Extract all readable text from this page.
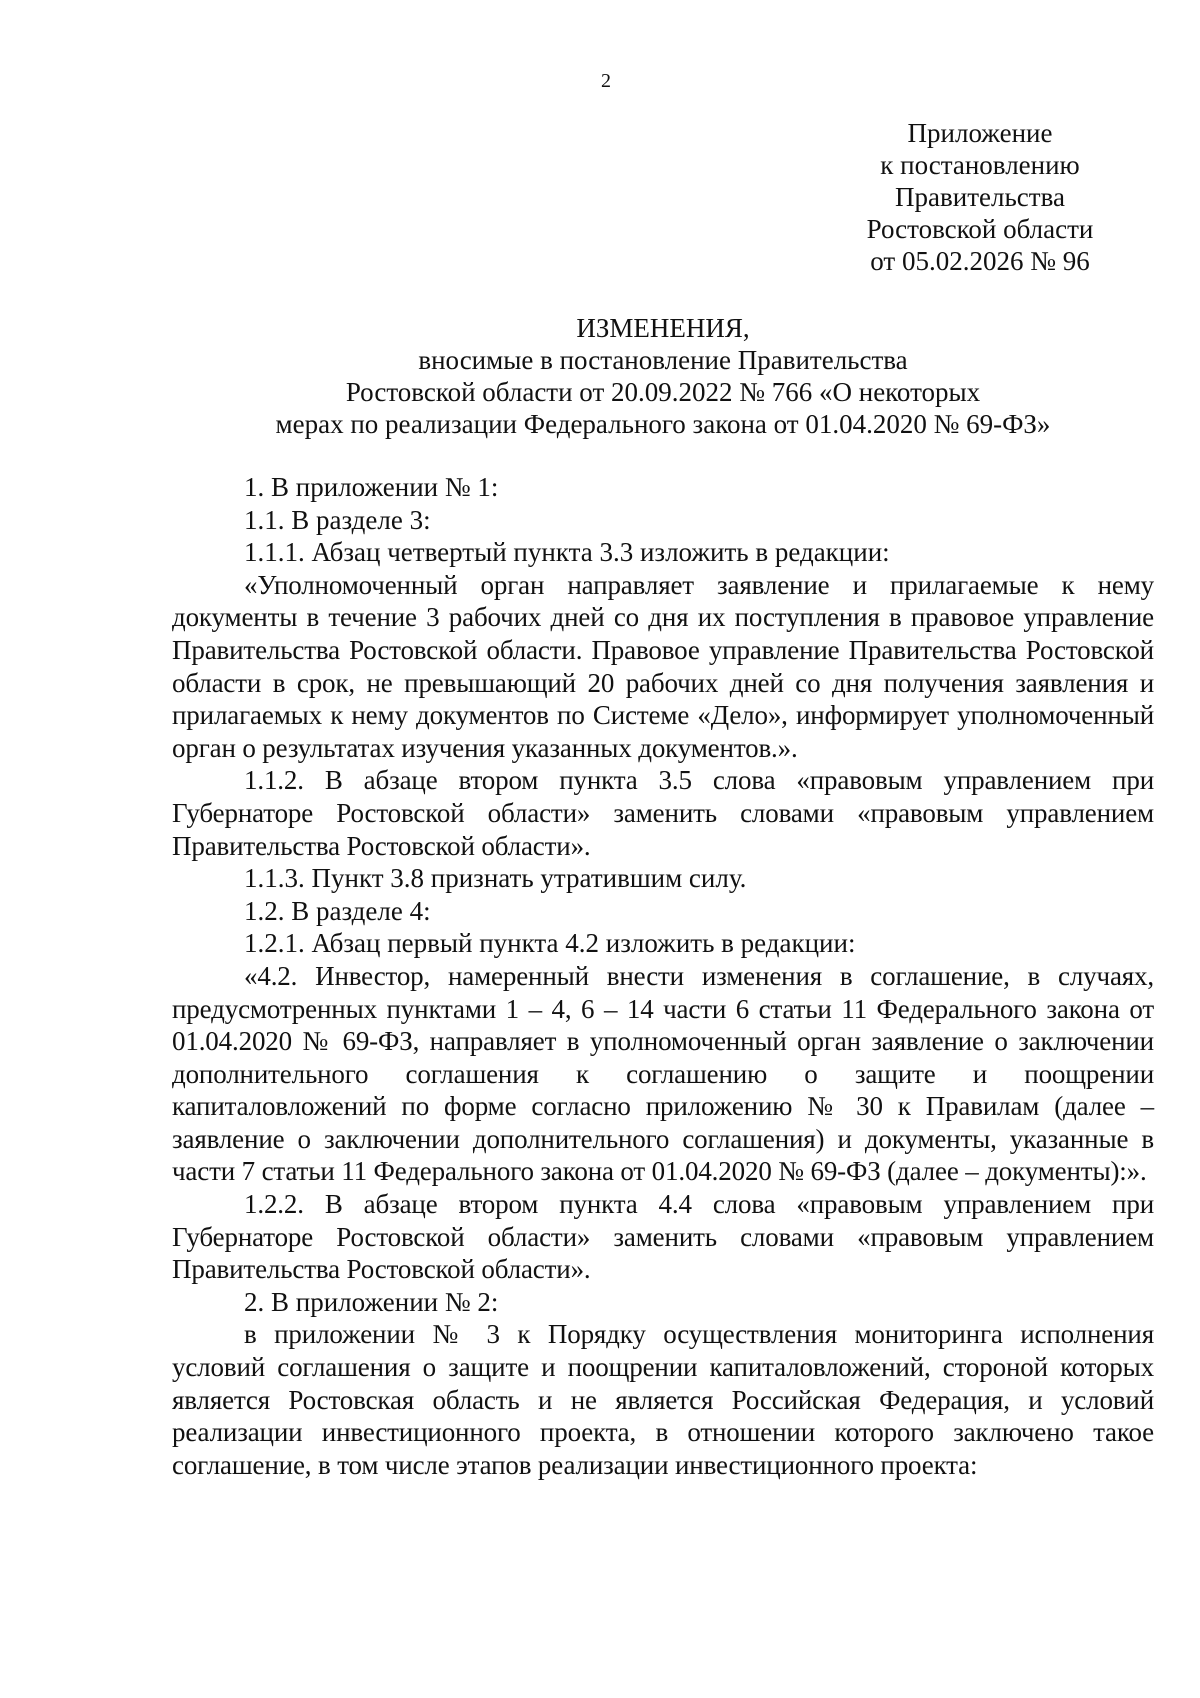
2
Приложение
к постановлению
Правительства
Ростовской области
от 05.02.2026 № 96
ИЗМЕНЕНИЯ,
вносимые в постановление Правительства
Ростовской области от 20.09.2022 № 766 «О некоторых
мерах по реализации Федерального закона от 01.04.2020 № 69-ФЗ»

1. В приложении № 1:

1.1. В разделе 3:

1.1.1. Абзац четвертый пункта 3.3 изложить в редакции:

«Уполномоченный орган направляет заявление и прилагаемые к нему документы в течение 3 рабочих дней со дня их поступления в правовое управление Правительства Ростовской области. Правовое управление Правительства Ростовской области в срок, не превышающий 20 рабочих дней со дня получения заявления и прилагаемых к нему документов по Системе «Дело», информирует уполномоченный орган о результатах изучения указанных документов.».

1.1.2. В абзаце втором пункта 3.5 слова «правовым управлением при Губернаторе Ростовской области» заменить словами «правовым управлением Правительства Ростовской области».

1.1.3. Пункт 3.8 признать утратившим силу.

1.2. В разделе 4:

1.2.1. Абзац первый пункта 4.2 изложить в редакции:

«4.2. Инвестор, намеренный внести изменения в соглашение, в случаях, предусмотренных пунктами 1 – 4, 6 – 14 части 6 статьи 11 Федерального закона от 01.04.2020 № 69-ФЗ, направляет в уполномоченный орган заявление о заключении дополнительного соглашения к соглашению о защите и поощрении капиталовложений по форме согласно приложению № 30 к Правилам (далее – заявление о заключении дополнительного соглашения) и документы, указанные в части 7 статьи 11 Федерального закона от 01.04.2020 № 69-ФЗ (далее – документы):».

1.2.2. В абзаце втором пункта 4.4 слова «правовым управлением при Губернаторе Ростовской области» заменить словами «правовым управлением Правительства Ростовской области».

2. В приложении № 2:

в приложении № 3 к Порядку осуществления мониторинга исполнения условий соглашения о защите и поощрении капиталовложений, стороной которых является Ростовская область и не является Российская Федерация, и условий реализации инвестиционного проекта, в отношении которого заключено такое соглашение, в том числе этапов реализации инвестиционного проекта:
